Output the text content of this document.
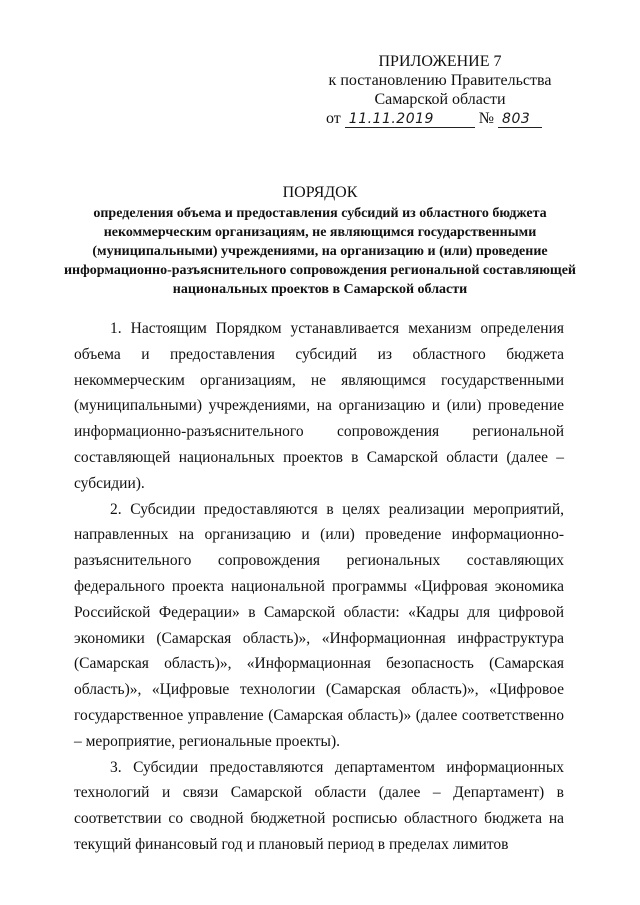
ПРИЛОЖЕНИЕ 7
к постановлению Правительства
Самарской области
от 11.11.2019	№ 803
ПОРЯДОК
определения объема и предоставления субсидий из областного бюджета некоммерческим организациям, не являющимся государственными (муниципальными) учреждениями, на организацию и (или) проведение информационно-разъяснительного сопровождения региональной составляющей национальных проектов в Самарской области

1. Настоящим Порядком устанавливается механизм определения объема и предоставления субсидий из областного бюджета некоммерческим организациям, не являющимся государственными (муниципальными) учреждениями, на организацию и (или) проведение информационно-разъяснительного сопровождения региональной составляющей национальных проектов в Самарской области (далее – субсидии).

2. Субсидии предоставляются в целях реализации мероприятий, направленных на организацию и (или) проведение информационно-разъяснительного сопровождения региональных составляющих федерального проекта национальной программы «Цифровая экономика Российской Федерации» в Самарской области: «Кадры для цифровой экономики (Самарская область)», «Информационная инфраструктура (Самарская область)», «Информационная безопасность (Самарская область)», «Цифровые технологии (Самарская область)», «Цифровое государственное управление (Самарская область)» (далее соответственно – мероприятие, региональные проекты).

3. Субсидии предоставляются департаментом информационных технологий и связи Самарской области (далее – Департамент) в соответствии со сводной бюджетной росписью областного бюджета на текущий финансовый год и плановый период в пределах лимитов
